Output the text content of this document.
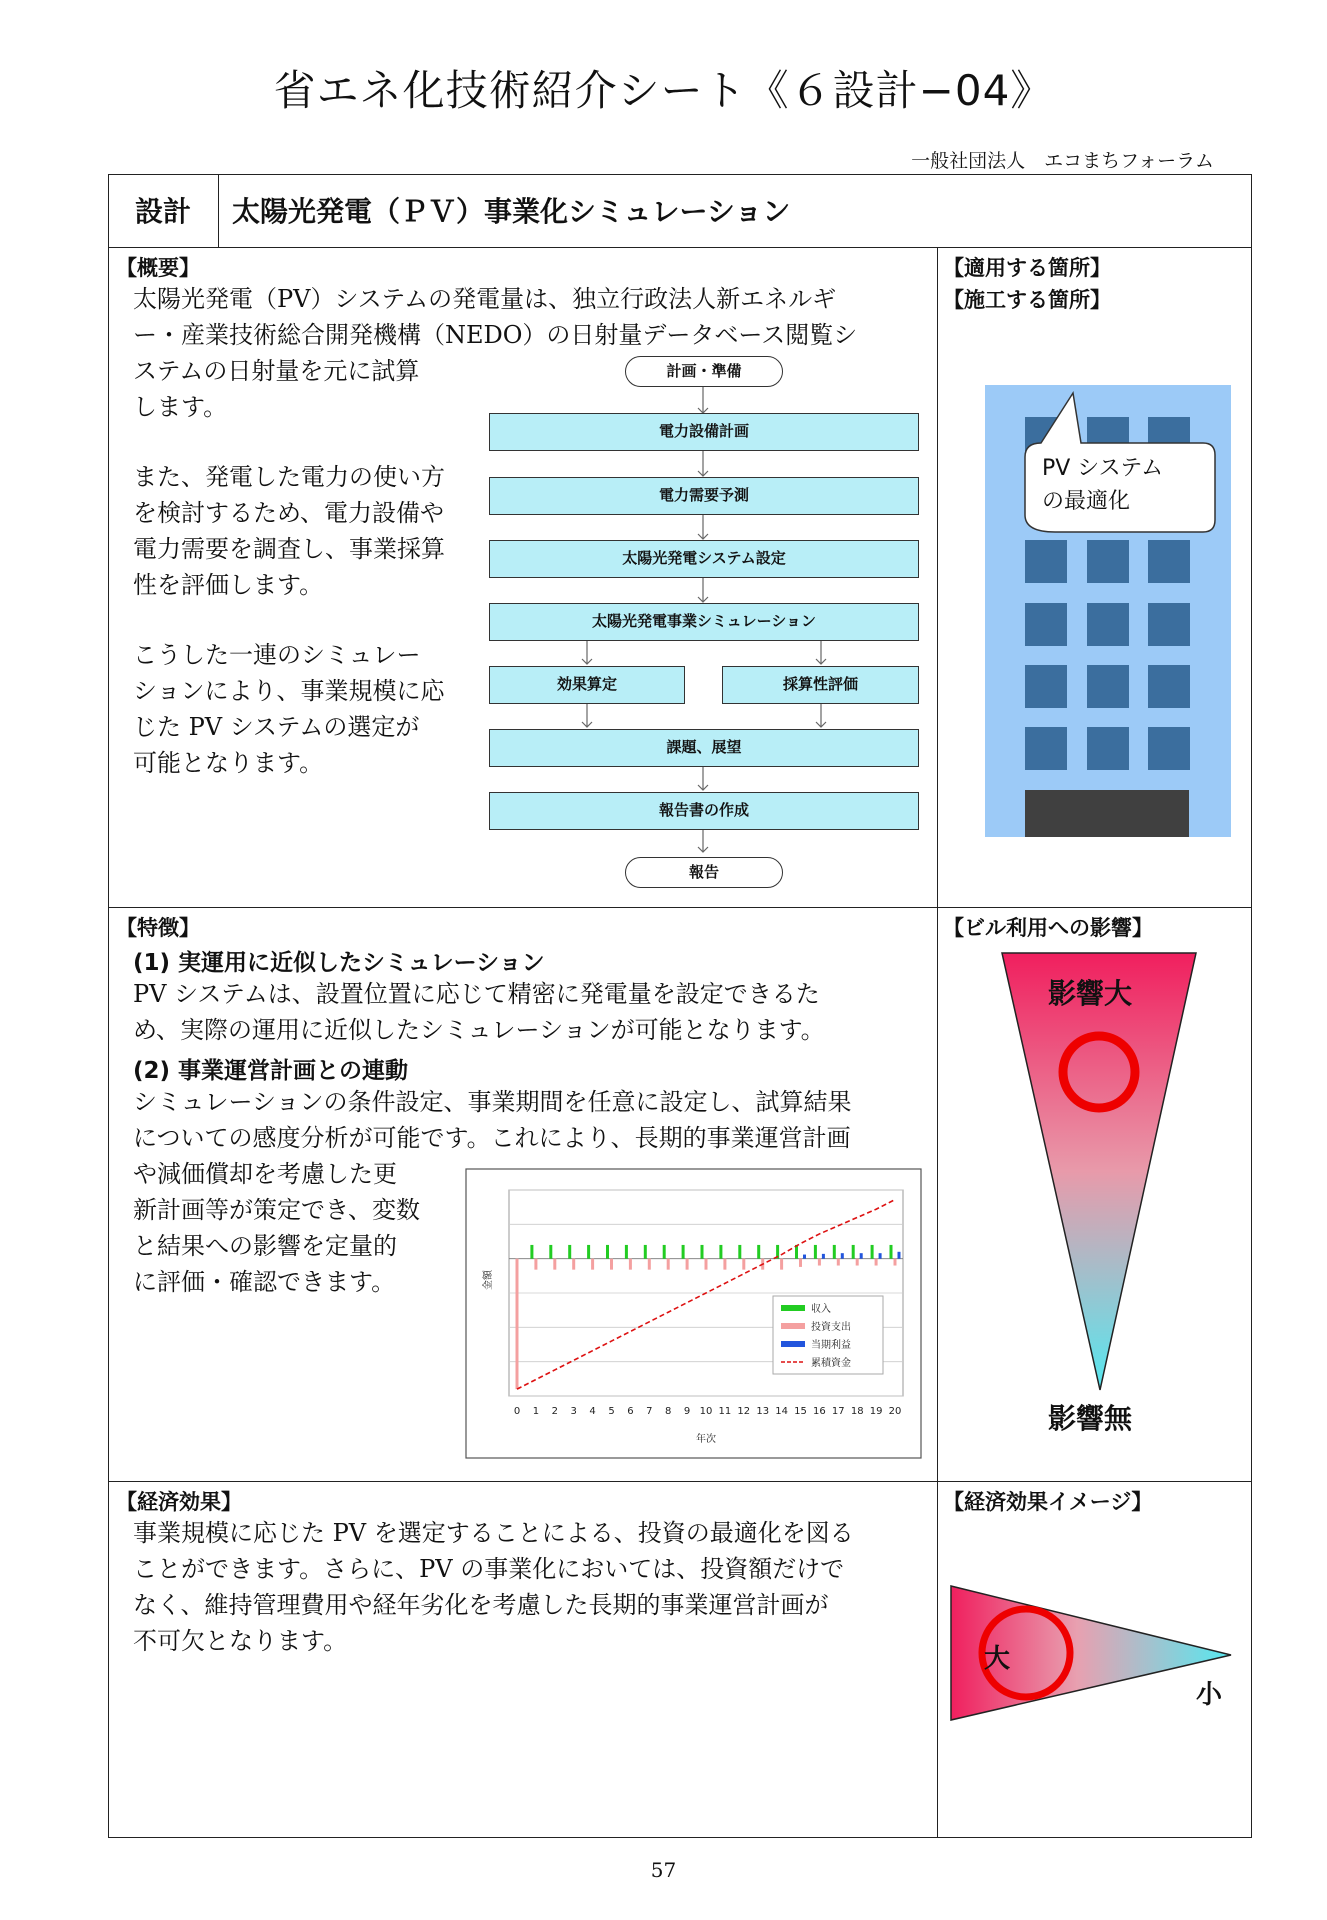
省エネ化技術紹介シート《６設計−04》
一般社団法人　エコまちフォーラム
設計	太陽光発電（ＰＶ）事業化シミュレーション
【概要】
太陽光発電（PV）システムの発電量は、独立行政法人新エネルギ
ー・産業技術総合開発機構（NEDO）の日射量データベース閲覧シ
ステムの日射量を元に試算
します。
また、発電した電力の使い方
を検討するため、電力設備や
電力需要を調査し、事業採算
性を評価します。
こうした一連のシミュレー
ションにより、事業規模に応
じた PV システムの選定が
可能となります。
計画・準備
電力設備計画
電力需要予測
太陽光発電システム設定
太陽光発電事業シミュレーション
効果算定	採算性評価
課題、展望
報告書の作成
報告
【適用する箇所】
【施工する箇所】
PV システム
の最適化
【特徴】
(1) 実運用に近似したシミュレーション
PV システムは、設置位置に応じて精密に発電量を設定できるた
め、実際の運用に近似したシミュレーションが可能となります。
(2) 事業運営計画との連動
シミュレーションの条件設定、事業期間を任意に設定し、試算結果
についての感度分析が可能です。これにより、長期的事業運営計画
や減価償却を考慮した更
新計画等が策定でき、変数
と結果への影響を定量的
に評価・確認できます。
0 1 2 3 4 5 6 7 8 9 10 11 12 13 14 15 16 17 18 19 20
年次
金額
収入
投資支出
当期利益
累積資金
【ビル利用への影響】
影響大
影響無
【経済効果】
事業規模に応じた PV を選定することによる、投資の最適化を図る
ことができます。さらに、PV の事業化においては、投資額だけで
なく、維持管理費用や経年劣化を考慮した長期的事業運営計画が
不可欠となります。
【経済効果イメージ】
大
小
57
